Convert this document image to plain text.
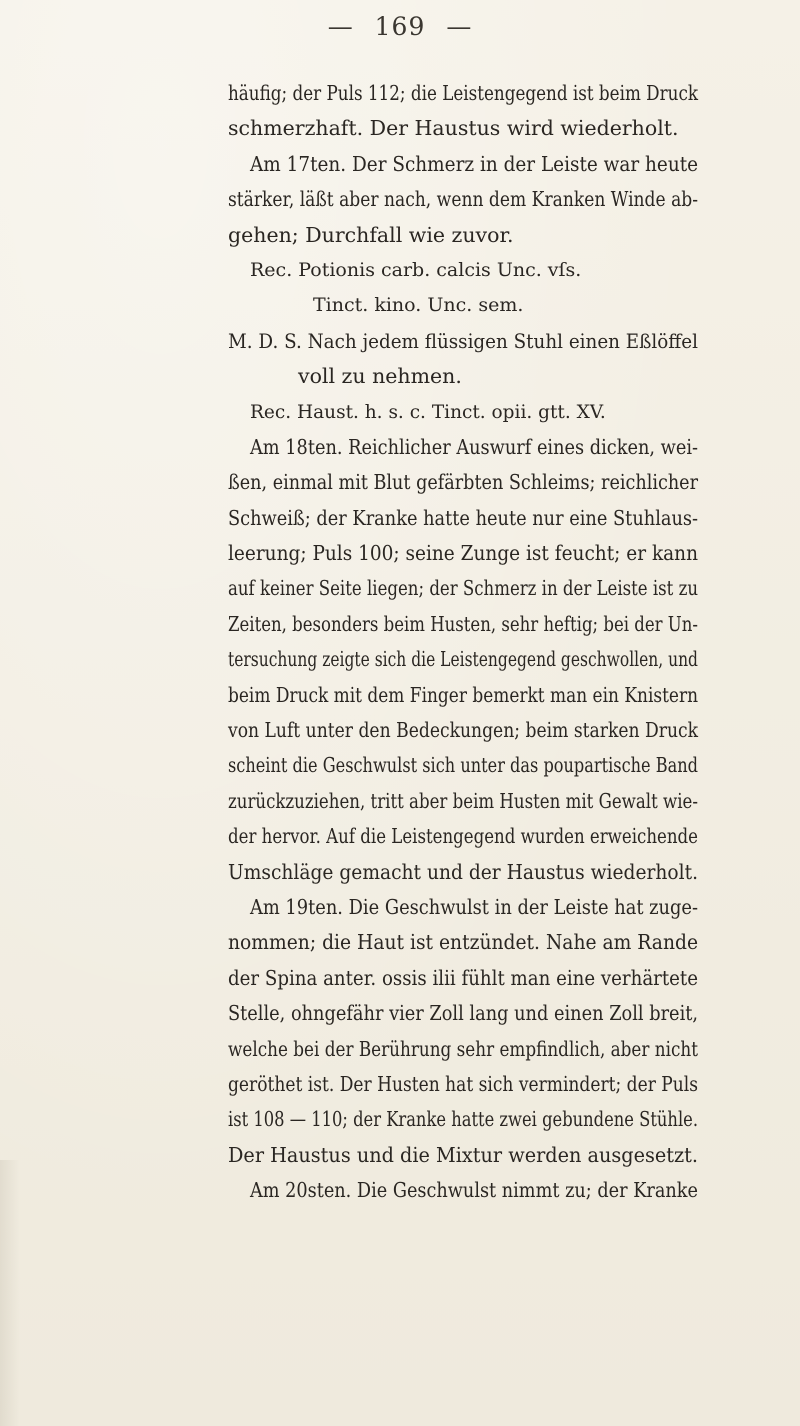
— 169 —
häufig; der Puls 112; die Leistengegend ist beim Druck
schmerzhaft. Der Haustus wird wiederholt.
Am 17ten. Der Schmerz in der Leiste war heute
stärker, läßt aber nach, wenn dem Kranken Winde ab-
gehen; Durchfall wie zuvor.
Rec. Potionis carb. calcis Unc. vſs.
Tinct. kino. Unc. sem.
M. D. S. Nach jedem flüssigen Stuhl einen Eßlöffel
voll zu nehmen.
Rec. Haust. h. s. c. Tinct. opii. gtt. XV.
Am 18ten. Reichlicher Auswurf eines dicken, wei-
ßen, einmal mit Blut gefärbten Schleims; reichlicher
Schweiß; der Kranke hatte heute nur eine Stuhlaus-
leerung; Puls 100; seine Zunge ist feucht; er kann
auf keiner Seite liegen; der Schmerz in der Leiste ist zu
Zeiten, besonders beim Husten, sehr heftig; bei der Un-
tersuchung zeigte sich die Leistengegend geschwollen, und
beim Druck mit dem Finger bemerkt man ein Knistern
von Luft unter den Bedeckungen; beim starken Druck
scheint die Geschwulst sich unter das poupartische Band
zurückzuziehen, tritt aber beim Husten mit Gewalt wie-
der hervor. Auf die Leistengegend wurden erweichende
Umschläge gemacht und der Haustus wiederholt.
Am 19ten. Die Geschwulst in der Leiste hat zuge-
nommen; die Haut ist entzündet. Nahe am Rande
der Spina anter. ossis ilii fühlt man eine verhärtete
Stelle, ohngefähr vier Zoll lang und einen Zoll breit,
welche bei der Berührung sehr empfindlich, aber nicht
geröthet ist. Der Husten hat sich vermindert; der Puls
ist 108 — 110; der Kranke hatte zwei gebundene Stühle.
Der Haustus und die Mixtur werden ausgesetzt.
Am 20sten. Die Geschwulst nimmt zu; der Kranke
